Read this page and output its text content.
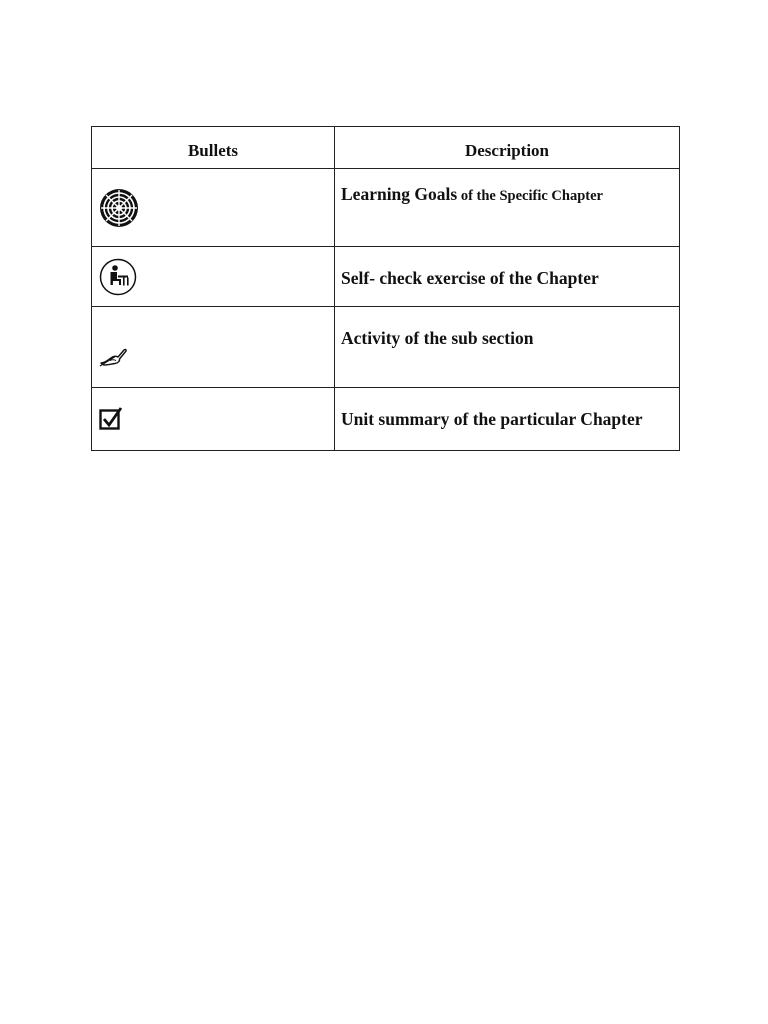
Bullets	Description

	Learning Goals of the Specific Chapter

	Self- check exercise of the Chapter

	Activity of the sub section

	Unit summary of the particular Chapter
